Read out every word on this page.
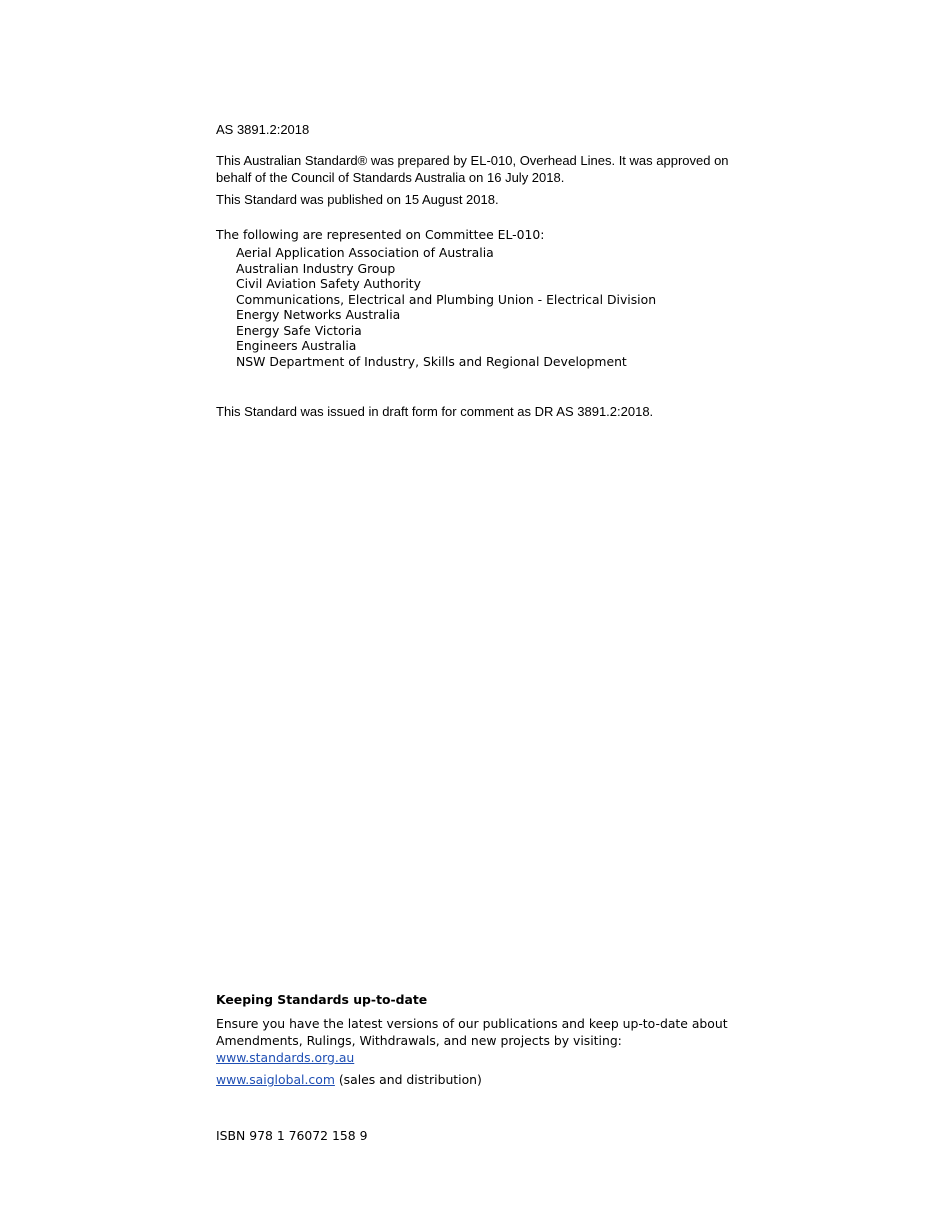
AS 3891.2:2018
This Australian Standard® was prepared by EL-010, Overhead Lines. It was approved on
behalf of the Council of Standards Australia on 16 July 2018.
This Standard was published on 15 August 2018.
The following are represented on Committee EL-010:
Aerial Application Association of Australia
Australian Industry Group
Civil Aviation Safety Authority
Communications, Electrical and Plumbing Union - Electrical Division
Energy Networks Australia
Energy Safe Victoria
Engineers Australia
NSW Department of Industry, Skills and Regional Development
This Standard was issued in draft form for comment as DR AS 3891.2:2018.
Keeping Standards up-to-date
Ensure you have the latest versions of our publications and keep up-to-date about
Amendments, Rulings, Withdrawals, and new projects by visiting:
www.standards.org.au
www.saiglobal.com (sales and distribution)
ISBN 978 1 76072 158 9
